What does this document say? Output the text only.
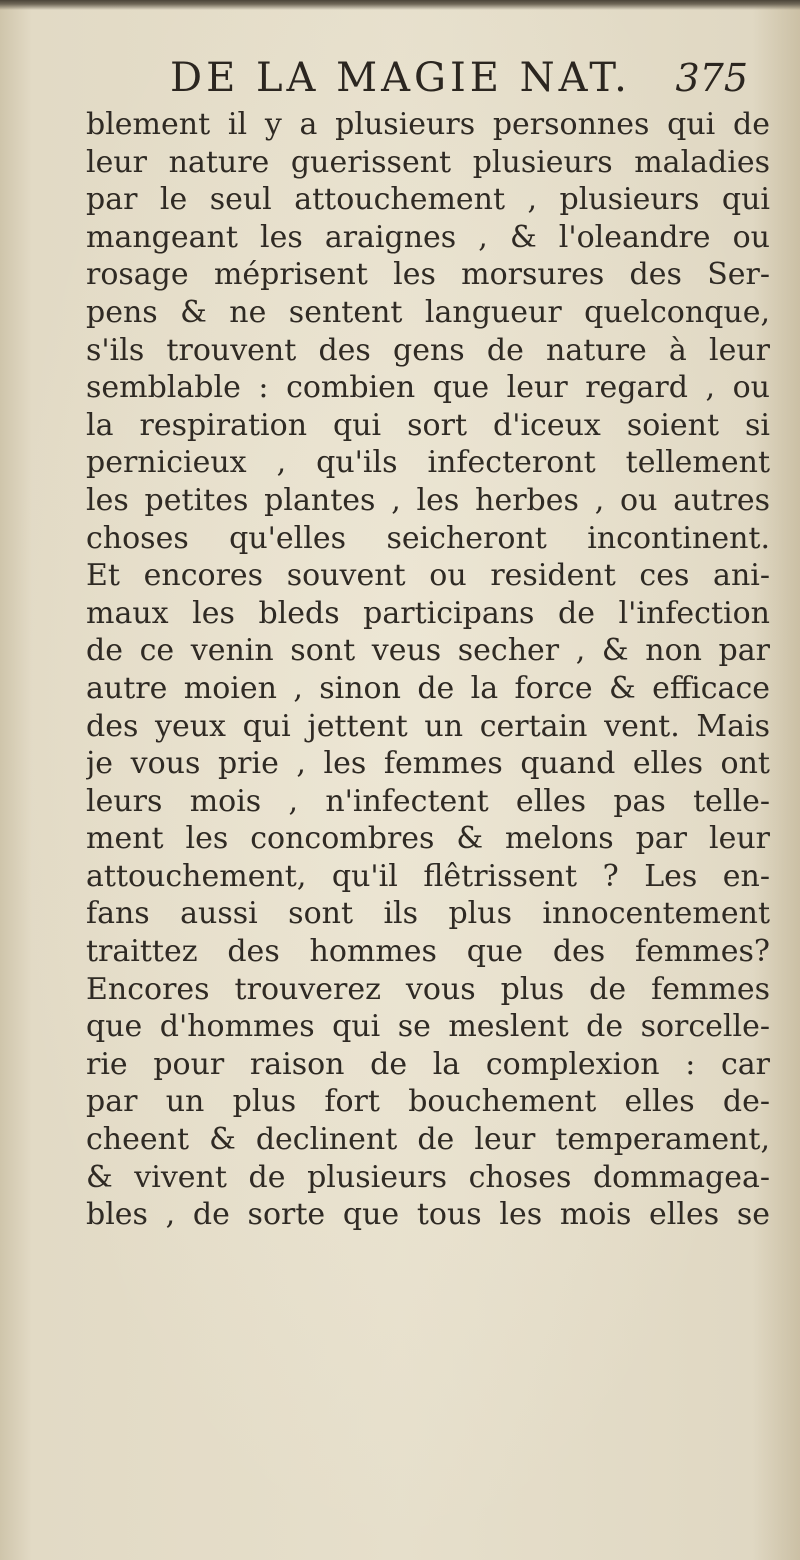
DE LA MAGIE NAT. 375
blement il y a plusieurs personnes qui de
leur nature guerissent plusieurs maladies
par le seul attouchement , plusieurs qui
mangeant les araignes , & l'oleandre ou
rosage méprisent les morsures des Ser-
pens & ne sentent langueur quelconque,
s'ils trouvent des gens de nature à leur
semblable : combien que leur regard , ou
la respiration qui sort d'iceux soient si
pernicieux , qu'ils infecteront tellement
les petites plantes , les herbes , ou autres
choses qu'elles seicheront incontinent.
Et encores souvent ou resident ces ani-
maux les bleds participans de l'infection
de ce venin sont veus secher , & non par
autre moien , sinon de la force & efficace
des yeux qui jettent un certain vent. Mais
je vous prie , les femmes quand elles ont
leurs mois , n'infectent elles pas telle-
ment les concombres & melons par leur
attouchement, qu'il flêtrissent ? Les en-
fans aussi sont ils plus innocentement
traittez des hommes que des femmes?
Encores trouverez vous plus de femmes
que d'hommes qui se meslent de sorcelle-
rie pour raison de la complexion : car
par un plus fort bouchement elles de-
cheent & declinent de leur temperament,
& vivent de plusieurs choses dommagea-
bles , de sorte que tous les mois elles se
